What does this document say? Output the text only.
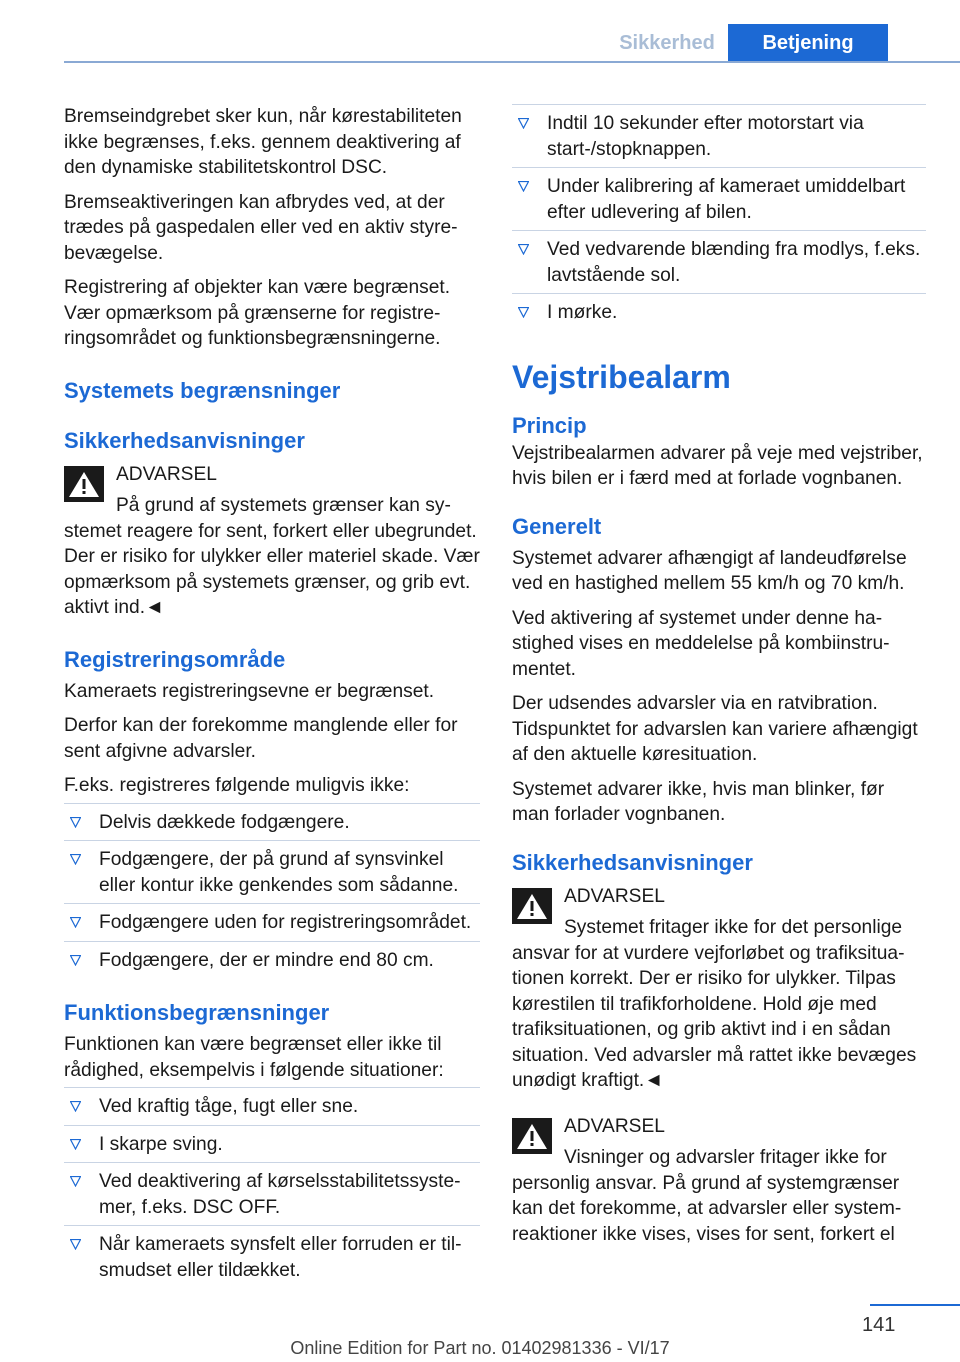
Sikkerhed	Betjening

Bremseindgrebet sker kun, når kørestabiliteten ikke begrænses, f.eks. gennem deaktivering af den dynamiske stabilitetskontrol DSC.

Bremseaktiveringen kan afbrydes ved, at der trædes på gaspedalen eller ved en aktiv styrebevægelse.

Registrering af objekter kan være begrænset. Vær opmærksom på grænserne for registreringsområdet og funktionsbegrænsningerne.

Systemets begrænsninger
Sikkerhedsanvisninger
ADVARSEL

På grund af systemets grænser kan systemet reagere for sent, forkert eller ubegrundet. Der er risiko for ulykker eller materiel skade. Vær opmærksom på systemets grænser, og grib evt. aktivt ind.◄

Registreringsområde

Kameraets registreringsevne er begrænset.

Derfor kan der forekomme manglende eller for sent afgivne advarsler.

F.eks. registreres følgende muligvis ikke:

Delvis dækkede fodgængere.
Fodgængere, der på grund af synsvinkel eller kontur ikke genkendes som sådanne.
Fodgængere uden for registreringsområdet.
Fodgængere, der er mindre end 80 cm.
Funktionsbegrænsninger

Funktionen kan være begrænset eller ikke til rådighed, eksempelvis i følgende situationer:

Ved kraftig tåge, fugt eller sne.
I skarpe sving.
Ved deaktivering af kørselsstabilitetssystemer, f.eks. DSC OFF.
Når kameraets synsfelt eller forruden er tilsmudset eller tildækket.
Indtil 10 sekunder efter motorstart via start-/stopknappen.
Under kalibrering af kameraet umiddelbart efter udlevering af bilen.
Ved vedvarende blænding fra modlys, f.eks. lavtstående sol.
I mørke.
Vejstribealarm
Princip

Vejstribealarmen advarer på veje med vejstriber, hvis bilen er i færd med at forlade vognbanen.

Generelt

Systemet advarer afhængigt af landeudførelse ved en hastighed mellem 55 km/h og 70 km/h.

Ved aktivering af systemet under denne hastighed vises en meddelelse på kombiinstrumentet.

Der udsendes advarsler via en ratvibration. Tidspunktet for advarslen kan variere afhængigt af den aktuelle køresituation.

Systemet advarer ikke, hvis man blinker, før man forlader vognbanen.

Sikkerhedsanvisninger
ADVARSEL

Systemet fritager ikke for det personlige ansvar for at vurdere vejforløbet og trafiksituationen korrekt. Der er risiko for ulykker. Tilpas kørestilen til trafikforholdene. Hold øje med trafiksituationen, og grib aktivt ind i en sådan situation. Ved advarsler må rattet ikke bevæges unødigt kraftigt.◄

ADVARSEL

Visninger og advarsler fritager ikke for personlig ansvar. På grund af systemgrænser kan det forekomme, at advarsler eller systemreaktioner ikke vises, vises for sent, forkert el

141
Online Edition for Part no. 01402981336 - VI/17
